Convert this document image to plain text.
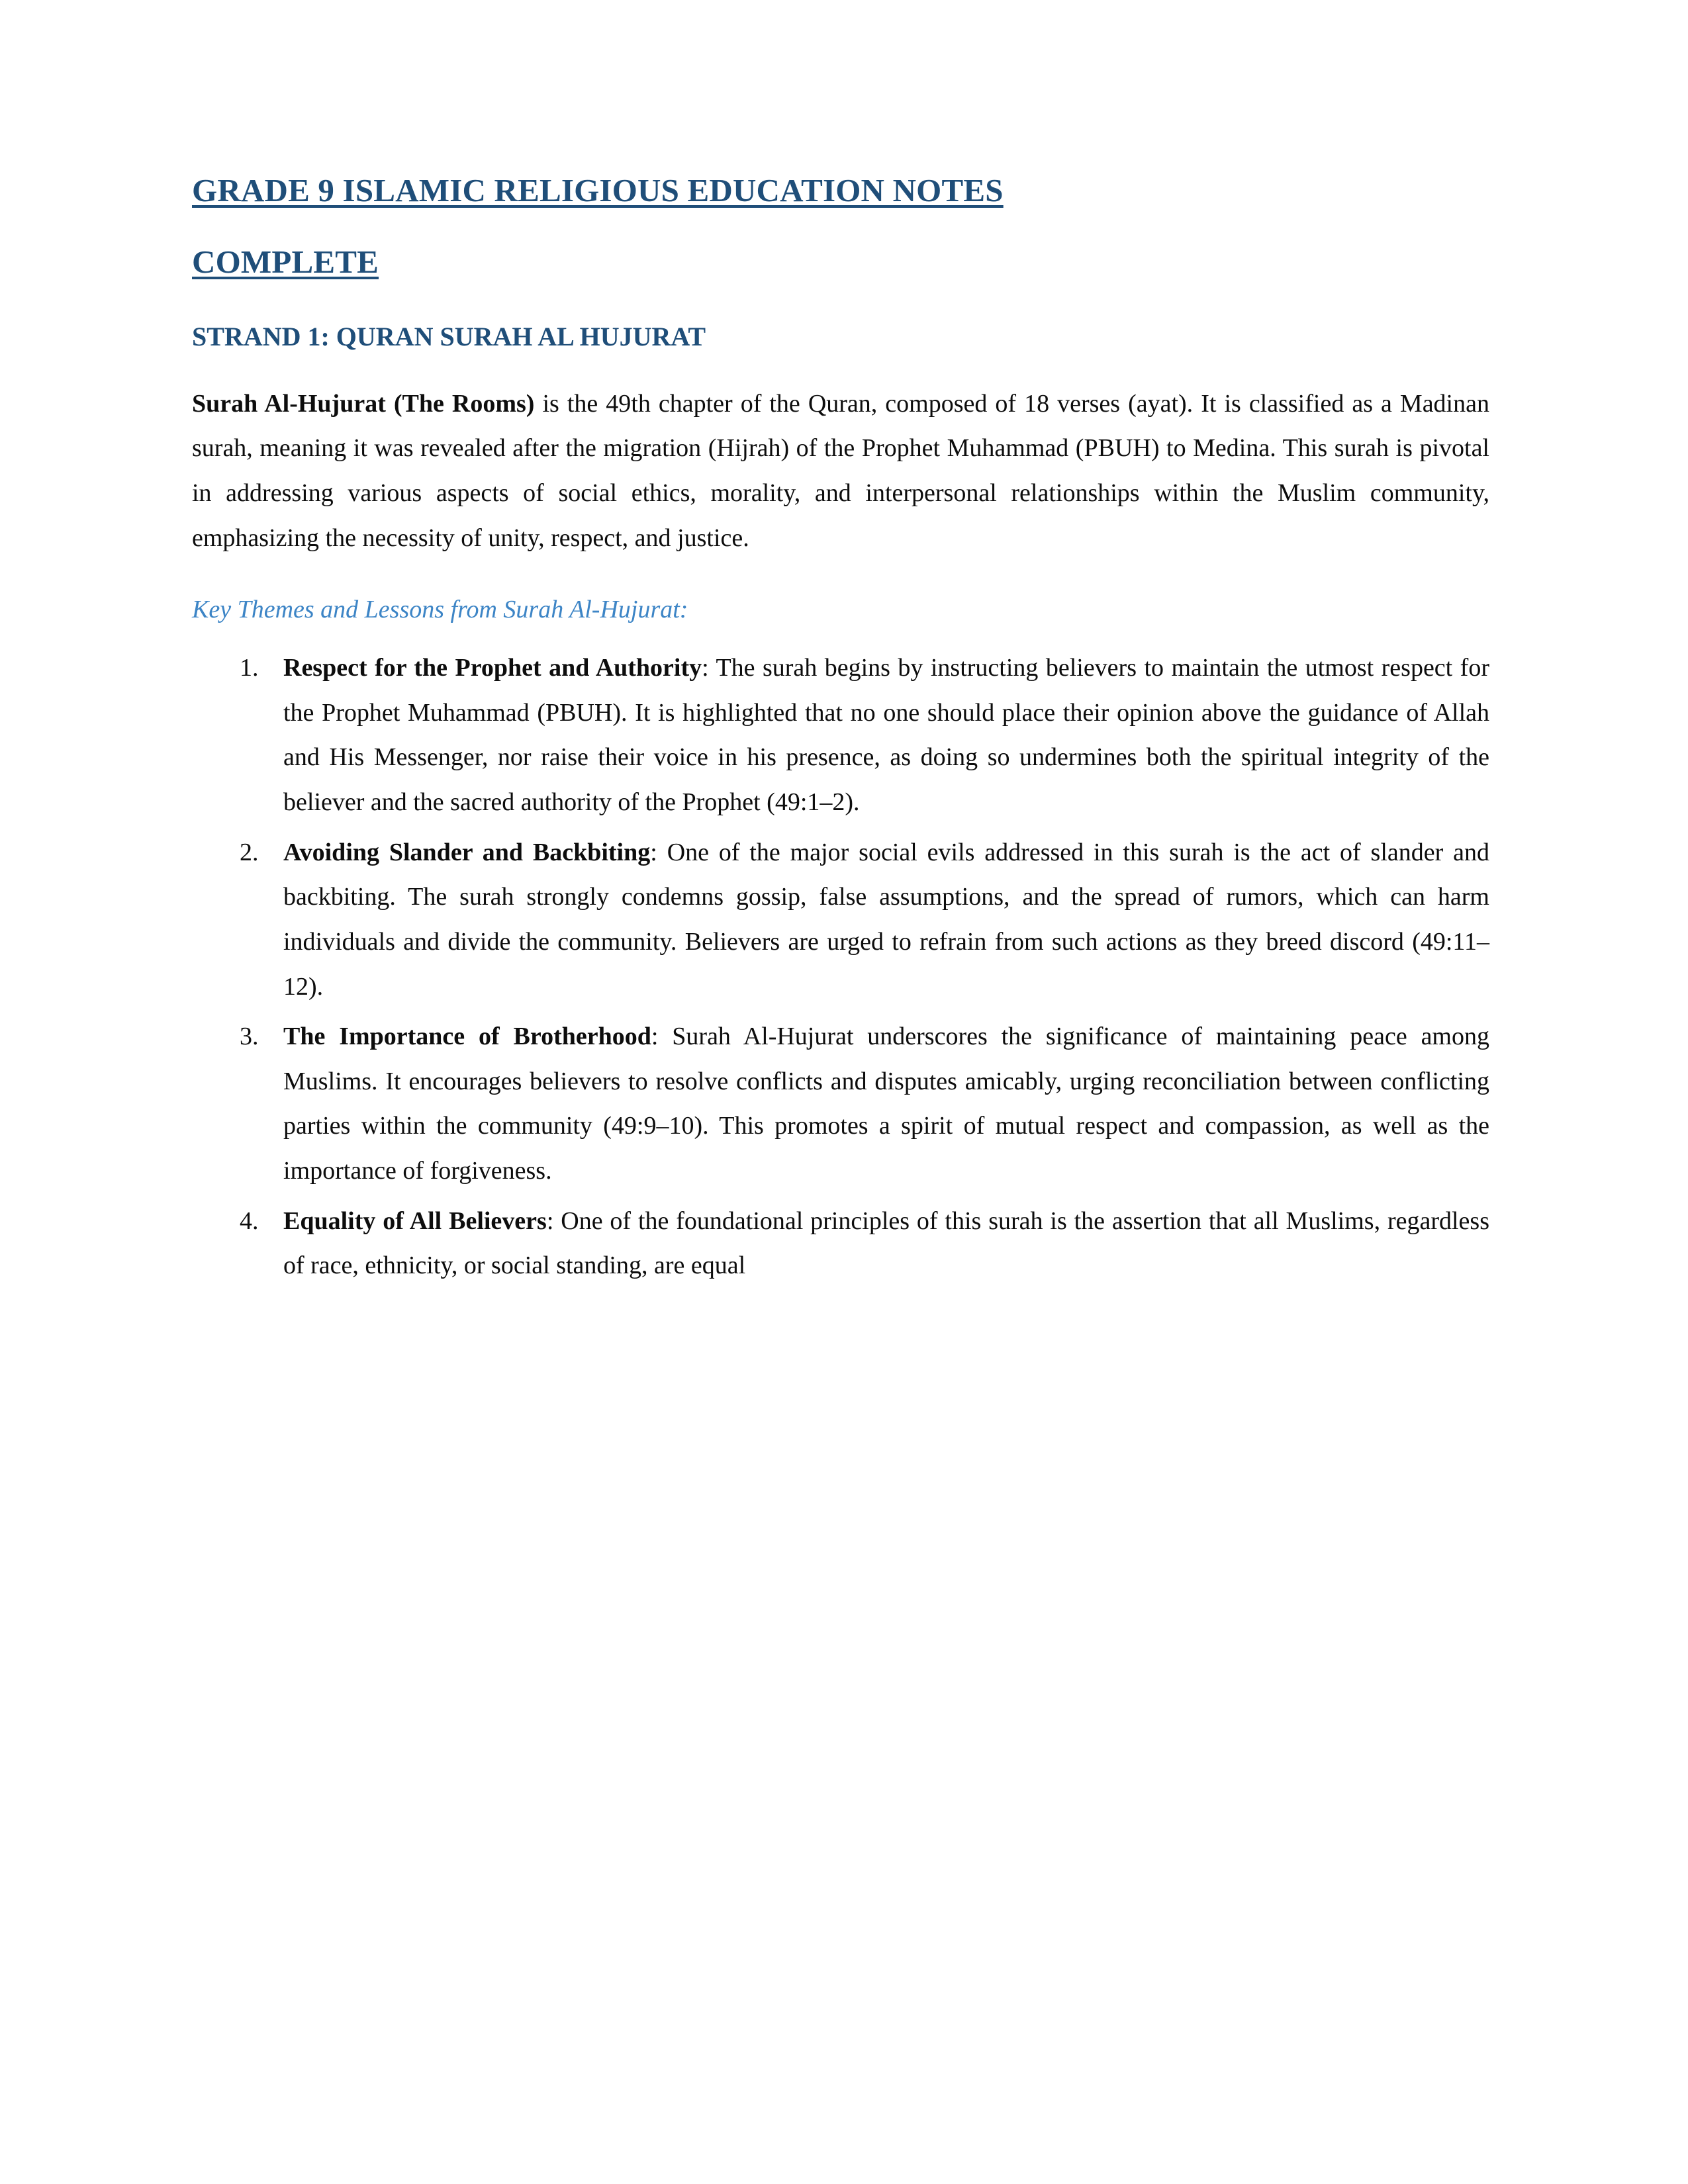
GRADE 9 ISLAMIC RELIGIOUS EDUCATION NOTES
COMPLETE
STRAND 1: QURAN SURAH AL HUJURAT

Surah Al-Hujurat (The Rooms) is the 49th chapter of the Quran, composed of 18 verses (ayat). It is classified as a Madinan surah, meaning it was revealed after the migration (Hijrah) of the Prophet Muhammad (PBUH) to Medina. This surah is pivotal in addressing various aspects of social ethics, morality, and interpersonal relationships within the Muslim community, emphasizing the necessity of unity, respect, and justice.

Key Themes and Lessons from Surah Al-Hujurat:

1. Respect for the Prophet and Authority: The surah begins by instructing believers to maintain the utmost respect for the Prophet Muhammad (PBUH). It is highlighted that no one should place their opinion above the guidance of Allah and His Messenger, nor raise their voice in his presence, as doing so undermines both the spiritual integrity of the believer and the sacred authority of the Prophet (49:1–2).
2. Avoiding Slander and Backbiting: One of the major social evils addressed in this surah is the act of slander and backbiting. The surah strongly condemns gossip, false assumptions, and the spread of rumors, which can harm individuals and divide the community. Believers are urged to refrain from such actions as they breed discord (49:11–12).
3. The Importance of Brotherhood: Surah Al-Hujurat underscores the significance of maintaining peace among Muslims. It encourages believers to resolve conflicts and disputes amicably, urging reconciliation between conflicting parties within the community (49:9–10). This promotes a spirit of mutual respect and compassion, as well as the importance of forgiveness.
4. Equality of All Believers: One of the foundational principles of this surah is the assertion that all Muslims, regardless of race, ethnicity, or social standing, are equal
